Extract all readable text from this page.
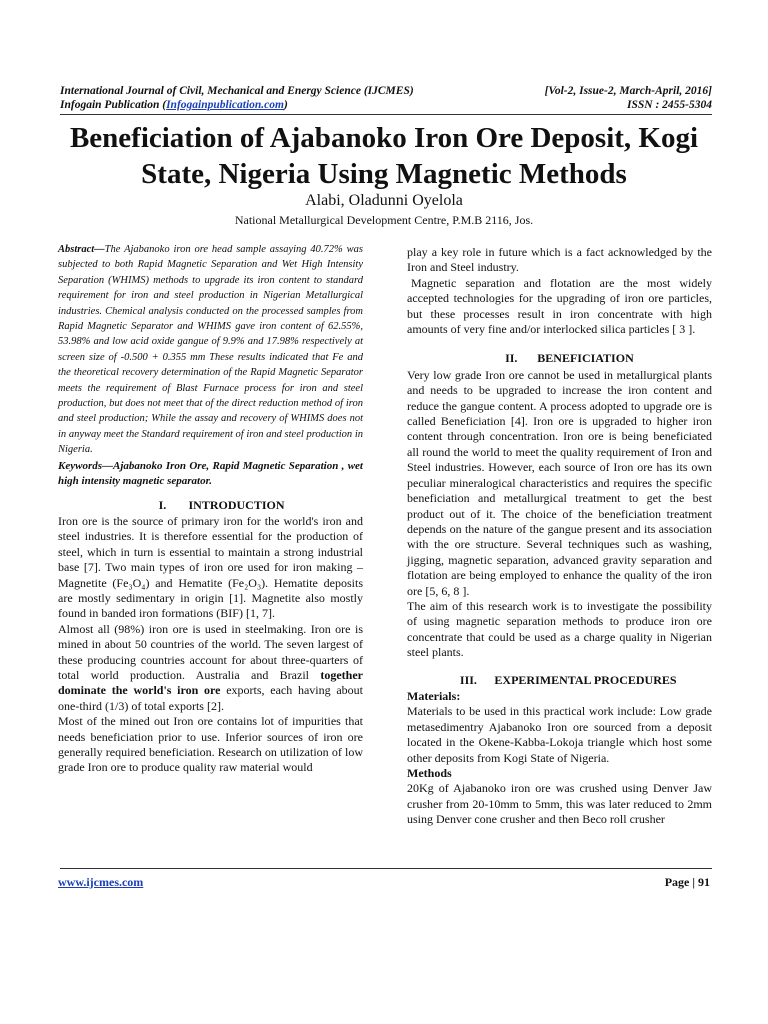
International Journal of Civil, Mechanical and Energy Science (IJCMES)	[Vol-2, Issue-2, March-April, 2016]
Infogain Publication (Infogainpublication.com)	ISSN : 2455-5304
Beneficiation of Ajabanoko Iron Ore Deposit, Kogi State, Nigeria Using Magnetic Methods
Alabi, Oladunni Oyelola
National Metallurgical Development Centre, P.M.B 2116, Jos.

Abstract—The Ajabanoko iron ore head sample assaying 40.72% was subjected to both Rapid Magnetic Separation and Wet High Intensity Separation (WHIMS) methods to upgrade its iron content to standard requirement for iron and steel production in Nigerian Metallurgical industries. Chemical analysis conducted on the processed samples from Rapid Magnetic Separator and WHIMS gave iron content of 62.55%, 53.98% and low acid oxide gangue of 9.9% and 17.98% respectively at screen size of -0.500 + 0.355 mm These results indicated that Fe and the theoretical recovery determination of the Rapid Magnetic Separator meets the requirement of Blast Furnace process for iron and steel production, but does not meet that of the direct reduction method of iron and steel production; While the assay and recovery of WHIMS does not in anyway meet the Standard requirement of iron and steel production in Nigeria.

Keywords—Ajabanoko Iron Ore, Rapid Magnetic Separation , wet high intensity magnetic separator.

I. INTRODUCTION

Iron ore is the source of primary iron for the world's iron and steel industries. It is therefore essential for the production of steel, which in turn is essential to maintain a strong industrial base [7]. Two main types of iron ore used for iron making – Magnetite (Fe₃O₄) and Hematite (Fe₂O₃). Hematite deposits are mostly sedimentary in origin [1]. Magnetite also mostly found in banded iron formations (BIF) [1, 7].

Almost all (98%) iron ore is used in steelmaking. Iron ore is mined in about 50 countries of the world. The seven largest of these producing countries account for about three-quarters of total world production. Australia and Brazil together dominate the world's iron ore exports, each having about one-third (1/3) of total exports [2].

Most of the mined out Iron ore contains lot of impurities that needs beneficiation prior to use. Inferior sources of iron ore generally required beneficiation. Research on utilization of low grade Iron ore to produce quality raw material would

play a key role in future which is a fact acknowledged by the Iron and Steel industry.

Magnetic separation and flotation are the most widely accepted technologies for the upgrading of iron ore particles, but these processes result in iron concentrate with high amounts of very fine and/or interlocked silica particles [ 3 ].

II. BENEFICIATION

Very low grade Iron ore cannot be used in metallurgical plants and needs to be upgraded to increase the iron content and reduce the gangue content. A process adopted to upgrade ore is called Beneficiation [4]. Iron ore is upgraded to higher iron content through concentration. Iron ore is being beneficiated all round the world to meet the quality requirement of Iron and Steel industries. However, each source of Iron ore has its own peculiar mineralogical characteristics and requires the specific beneficiation and metallurgical treatment to get the best product out of it. The choice of the beneficiation treatment depends on the nature of the gangue present and its association with the ore structure. Several techniques such as washing, jigging, magnetic separation, advanced gravity separation and flotation are being employed to enhance the quality of the iron ore [5, 6, 8 ].

The aim of this research work is to investigate the possibility of using magnetic separation methods to produce iron ore concentrate that could be used as a charge quality in Nigerian steel plants.

III. EXPERIMENTAL PROCEDURES

Materials:

Materials to be used in this practical work include: Low grade metasedimentry Ajabanoko Iron ore sourced from a deposit located in the Okene-Kabba-Lokoja triangle which host some other deposits from Kogi State of Nigeria.

Methods

20Kg of Ajabanoko iron ore was crushed using Denver Jaw crusher from 20-10mm to 5mm, this was later reduced to 2mm using Denver cone crusher and then Beco roll crusher

www.ijcmes.com	Page | 91
